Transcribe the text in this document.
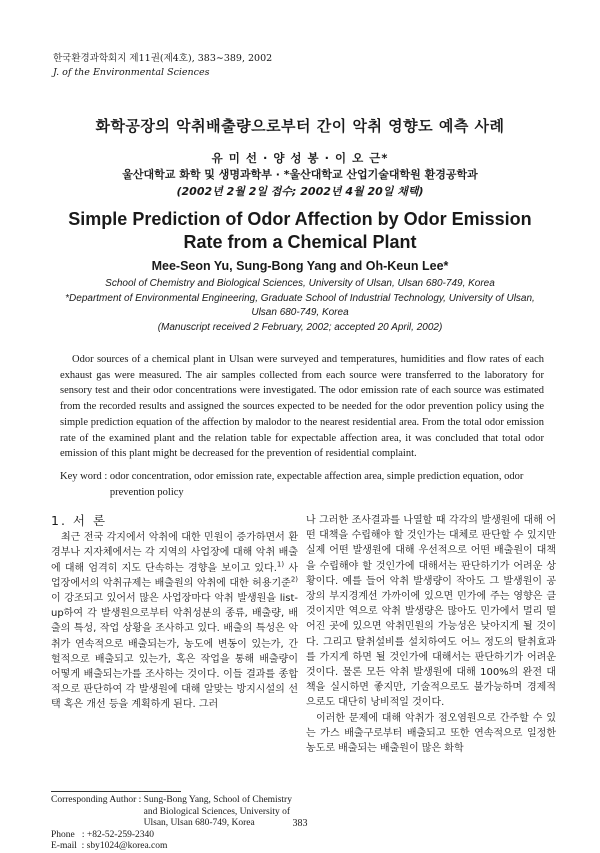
한국환경과학회지 제11권(제4호), 383∼389, 2002
J. of the Environmental Sciences
화학공장의 악취배출량으로부터 간이 악취 영향도 예측 사례
유 미 선 · 양 성 봉 · 이 오 근*
울산대학교 화학 및 생명과학부 · *울산대학교 산업기술대학원 환경공학과
(2002년 2월 2일 접수; 2002년 4월 20일 채택)
Simple Prediction of Odor Affection by Odor Emission
Rate from a Chemical Plant
Mee-Seon Yu, Sung-Bong Yang and Oh-Keun Lee*
School of Chemistry and Biological Sciences, University of Ulsan, Ulsan 680-749, Korea
*Department of Environmental Engineering, Graduate School of Industrial Technology, University of Ulsan,
Ulsan 680-749, Korea
(Manuscript received 2 February, 2002; accepted 20 April, 2002)
Odor sources of a chemical plant in Ulsan were surveyed and temperatures, humidities and flow rates of each exhaust gas were measured. The air samples collected from each source were transferred to the laboratory for sensory test and their odor concentrations were investigated. The odor emission rate of each source was estimated from the recorded results and assigned the sources expected to be needed for the odor prevention policy using the simple prediction equation of the affection by malodor to the nearest residential area. From the total odor emission rate of the examined plant and the relation table for expectable affection area, it was concluded that total odor emission of this plant might be decreased for the prevention of residential complaint.
Key word : odor concentration, odor emission rate, expectable affection area, simple prediction equation, odor prevention policy
1. 서 론

최근 전국 각지에서 악취에 대한 민원이 증가하면서 환경부나 지자체에서는 각 지역의 사업장에 대해 악취 배출에 대해 엄격히 지도 단속하는 경향을 보이고 있다.$^{1)}$ 사업장에서의 악취규제는 배출원의 악취에 대한 허용기준$^{2)}$이 강조되고 있어서 많은 사업장마다 악취 발생원을 list-up하여 각 발생원으로부터 악취성분의 종류, 배출량, 배출의 특성, 작업 상황을 조사하고 있다. 배출의 특성은 악취가 연속적으로 배출되는가, 농도에 변동이 있는가, 간헐적으로 배출되고 있는가, 혹은 작업을 통해 배출량이 어떻게 배출되는가를 조사하는 것이다. 이들 결과를 종합적으로 판단하여 각 발생원에 대해 알맞는 방지시설의 선택 혹은 개선 등을 계획하게 된다. 그러

나 그러한 조사결과를 나열할 때 각각의 발생원에 대해 어떤 대책을 수립해야 할 것인가는 대체로 판단할 수 있지만 실제 어떤 발생원에 대해 우선적으로 어떤 배출원이 대책을 수립해야 할 것인가에 대해서는 판단하기가 어려운 상황이다. 예를 들어 악취 발생량이 작아도 그 발생원이 공장의 부지경계선 가까이에 있으면 민가에 주는 영향은 클 것이지만 역으로 악취 발생량은 많아도 민가에서 멀리 떨어진 곳에 있으면 악취민원의 가능성은 낮아지게 될 것이다. 그리고 탈취설비를 설치하여도 어느 정도의 탈취효과를 가지게 하면 될 것인가에 대해서는 판단하기가 어려운 것이다. 물론 모든 악취 발생원에 대해 100%의 완전 대책을 실시하면 좋지만, 기술적으로도 불가능하며 경제적으로도 대단히 낭비적일 것이다.

이러한 문제에 대해 악취가 점오염원으로 간주할 수 있는 가스 배출구로부터 배출되고 또한 연속적으로 일정한 농도로 배출되는 배출원이 많은 화학

Corresponding Author : Sung-Bong Yang, School of Chemistry and Biological Sciences, University of Ulsan, Ulsan 680-749, Korea
Phone   : +82-52-259-2340
E-mail  : sby1024@korea.com
383
